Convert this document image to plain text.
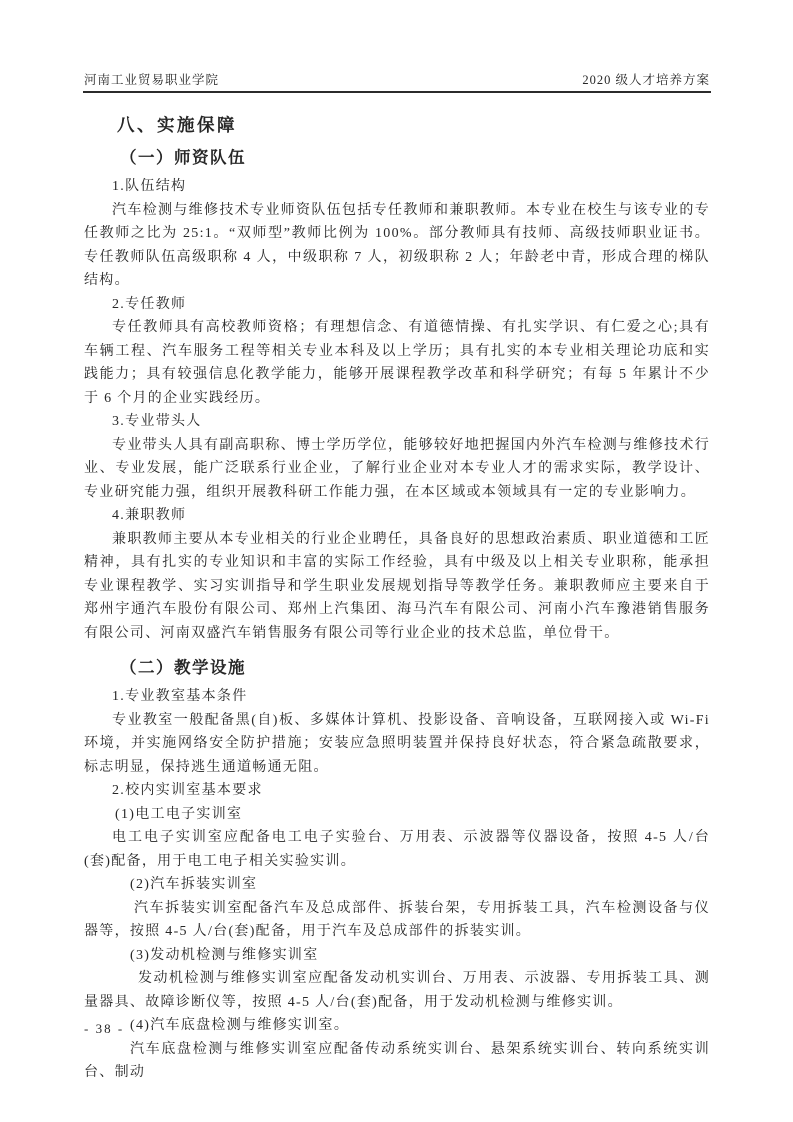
河南工业贸易职业学院	2020 级人才培养方案
八、实施保障
（一）师资队伍

1.队伍结构

汽车检测与维修技术专业师资队伍包括专任教师和兼职教师。本专业在校生与该专业的专任教师之比为 25:1。“双师型”教师比例为 100%。部分教师具有技师、高级技师职业证书。专任教师队伍高级职称 4 人，中级职称 7 人，初级职称 2 人；年龄老中青，形成合理的梯队结构。

2.专任教师

专任教师具有高校教师资格；有理想信念、有道德情操、有扎实学识、有仁爱之心;具有车辆工程、汽车服务工程等相关专业本科及以上学历；具有扎实的本专业相关理论功底和实践能力；具有较强信息化教学能力，能够开展课程教学改革和科学研究；有每 5 年累计不少于 6 个月的企业实践经历。

3.专业带头人

专业带头人具有副高职称、博士学历学位，能够较好地把握国内外汽车检测与维修技术行业、专业发展，能广泛联系行业企业，了解行业企业对本专业人才的需求实际，教学设计、专业研究能力强，组织开展教科研工作能力强，在本区域或本领域具有一定的专业影响力。

4.兼职教师

兼职教师主要从本专业相关的行业企业聘任，具备良好的思想政治素质、职业道德和工匠精神，具有扎实的专业知识和丰富的实际工作经验，具有中级及以上相关专业职称，能承担专业课程教学、实习实训指导和学生职业发展规划指导等教学任务。兼职教师应主要来自于郑州宇通汽车股份有限公司、郑州上汽集团、海马汽车有限公司、河南小汽车豫港销售服务有限公司、河南双盛汽车销售服务有限公司等行业企业的技术总监，单位骨干。

（二）教学设施

1.专业教室基本条件

专业教室一般配备黑(自)板、多媒体计算机、投影设备、音响设备，互联网接入或 Wi-Fi 环境，并实施网络安全防护措施；安装应急照明装置并保持良好状态，符合紧急疏散要求，标志明显，保持逃生通道畅通无阻。

2.校内实训室基本要求

(1)电工电子实训室

电工电子实训室应配备电工电子实验台、万用表、示波器等仪器设备，按照 4-5 人/台(套)配备，用于电工电子相关实验实训。

(2)汽车拆装实训室

汽车拆装实训室配备汽车及总成部件、拆装台架，专用拆装工具，汽车检测设备与仪器等，按照 4-5 人/台(套)配备，用于汽车及总成部件的拆装实训。

(3)发动机检测与维修实训室

发动机检测与维修实训室应配备发动机实训台、万用表、示波器、专用拆装工具、测量器具、故障诊断仪等，按照 4-5 人/台(套)配备，用于发动机检测与维修实训。

(4)汽车底盘检测与维修实训室。

汽车底盘检测与维修实训室应配备传动系统实训台、悬架系统实训台、转向系统实训台、制动

- 38 -
